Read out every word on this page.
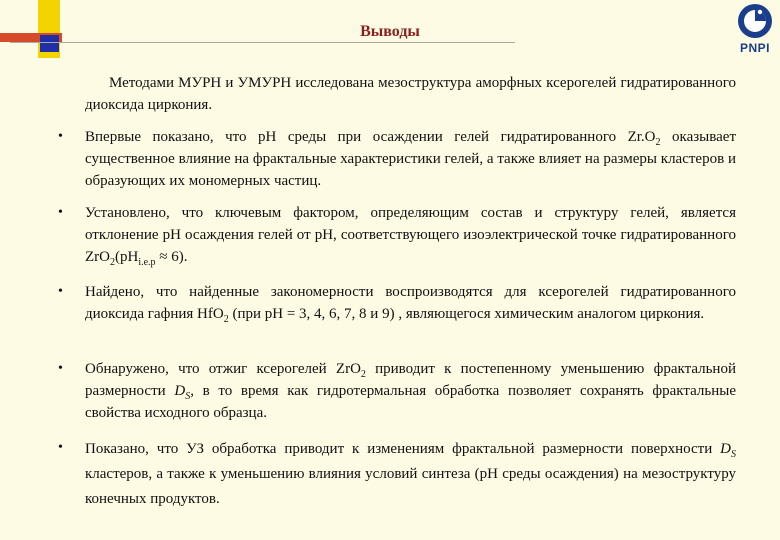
Выводы
PNPI

Методами МУРН и УМУРН исследована мезоструктура аморфных ксерогелей гидратированного диоксида циркония.

• Впервые показано, что pH среды при осаждении гелей гидратированного $Zr.O_2$ оказывает существенное влияние на фрактальные характеристики гелей, а также влияет на размеры кластеров и образующих их мономерных частиц.
• Установлено, что ключевым фактором, определяющим состав и структуру гелей, является отклонение pH осаждения гелей от pH, соответствующего изоэлектрической точке гидратированного $ZrO_2(pH_{i.e.p} \approx 6)$.
• Найдено, что найденные закономерности воспроизводятся для ксерогелей гидратированного диоксида гафния HfO$_2$ (при pH = 3, 4, 6, 7, 8 и 9) , являющегося химическим аналогом циркония.
• Обнаружено, что отжиг ксерогелей ZrO$_2$ приводит к постепенному уменьшению фрактальной размерности $D_S$, в то время как гидротермальная обработка позволяет сохранять фрактальные свойства исходного образца.
• Показано, что УЗ обработка приводит к изменениям фрактальной размерности поверхности $D_S$ кластеров, а также к уменьшению влияния условий синтеза (pH среды осаждения) на мезоструктуру конечных продуктов.
